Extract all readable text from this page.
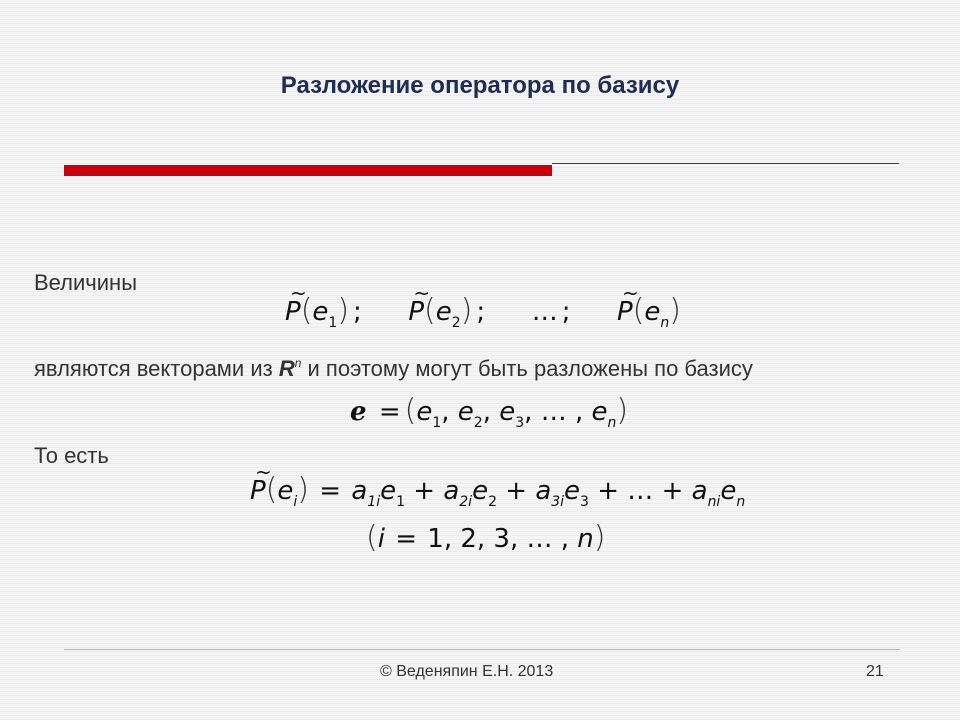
Разложение оператора по базису
Величины	~
$P(e_1)$ ;
~
$P(e_2)$ ; … ;
~
$P(e_n)$
являются векторами из $R^n$ и поэтому могут быть разложены по базису
$e = (e_1$, $e_2$, $e_3$, … , $e_n$)
То есть
~
$P(e_i) = a_{1i}e_1 + a_{2i}e_2 + a_{3i}e_3$ + … + $a_{ni}e_n$
(i = 1, 2, 3, … , n)
© Веденяпин Е.Н. 2013	21
